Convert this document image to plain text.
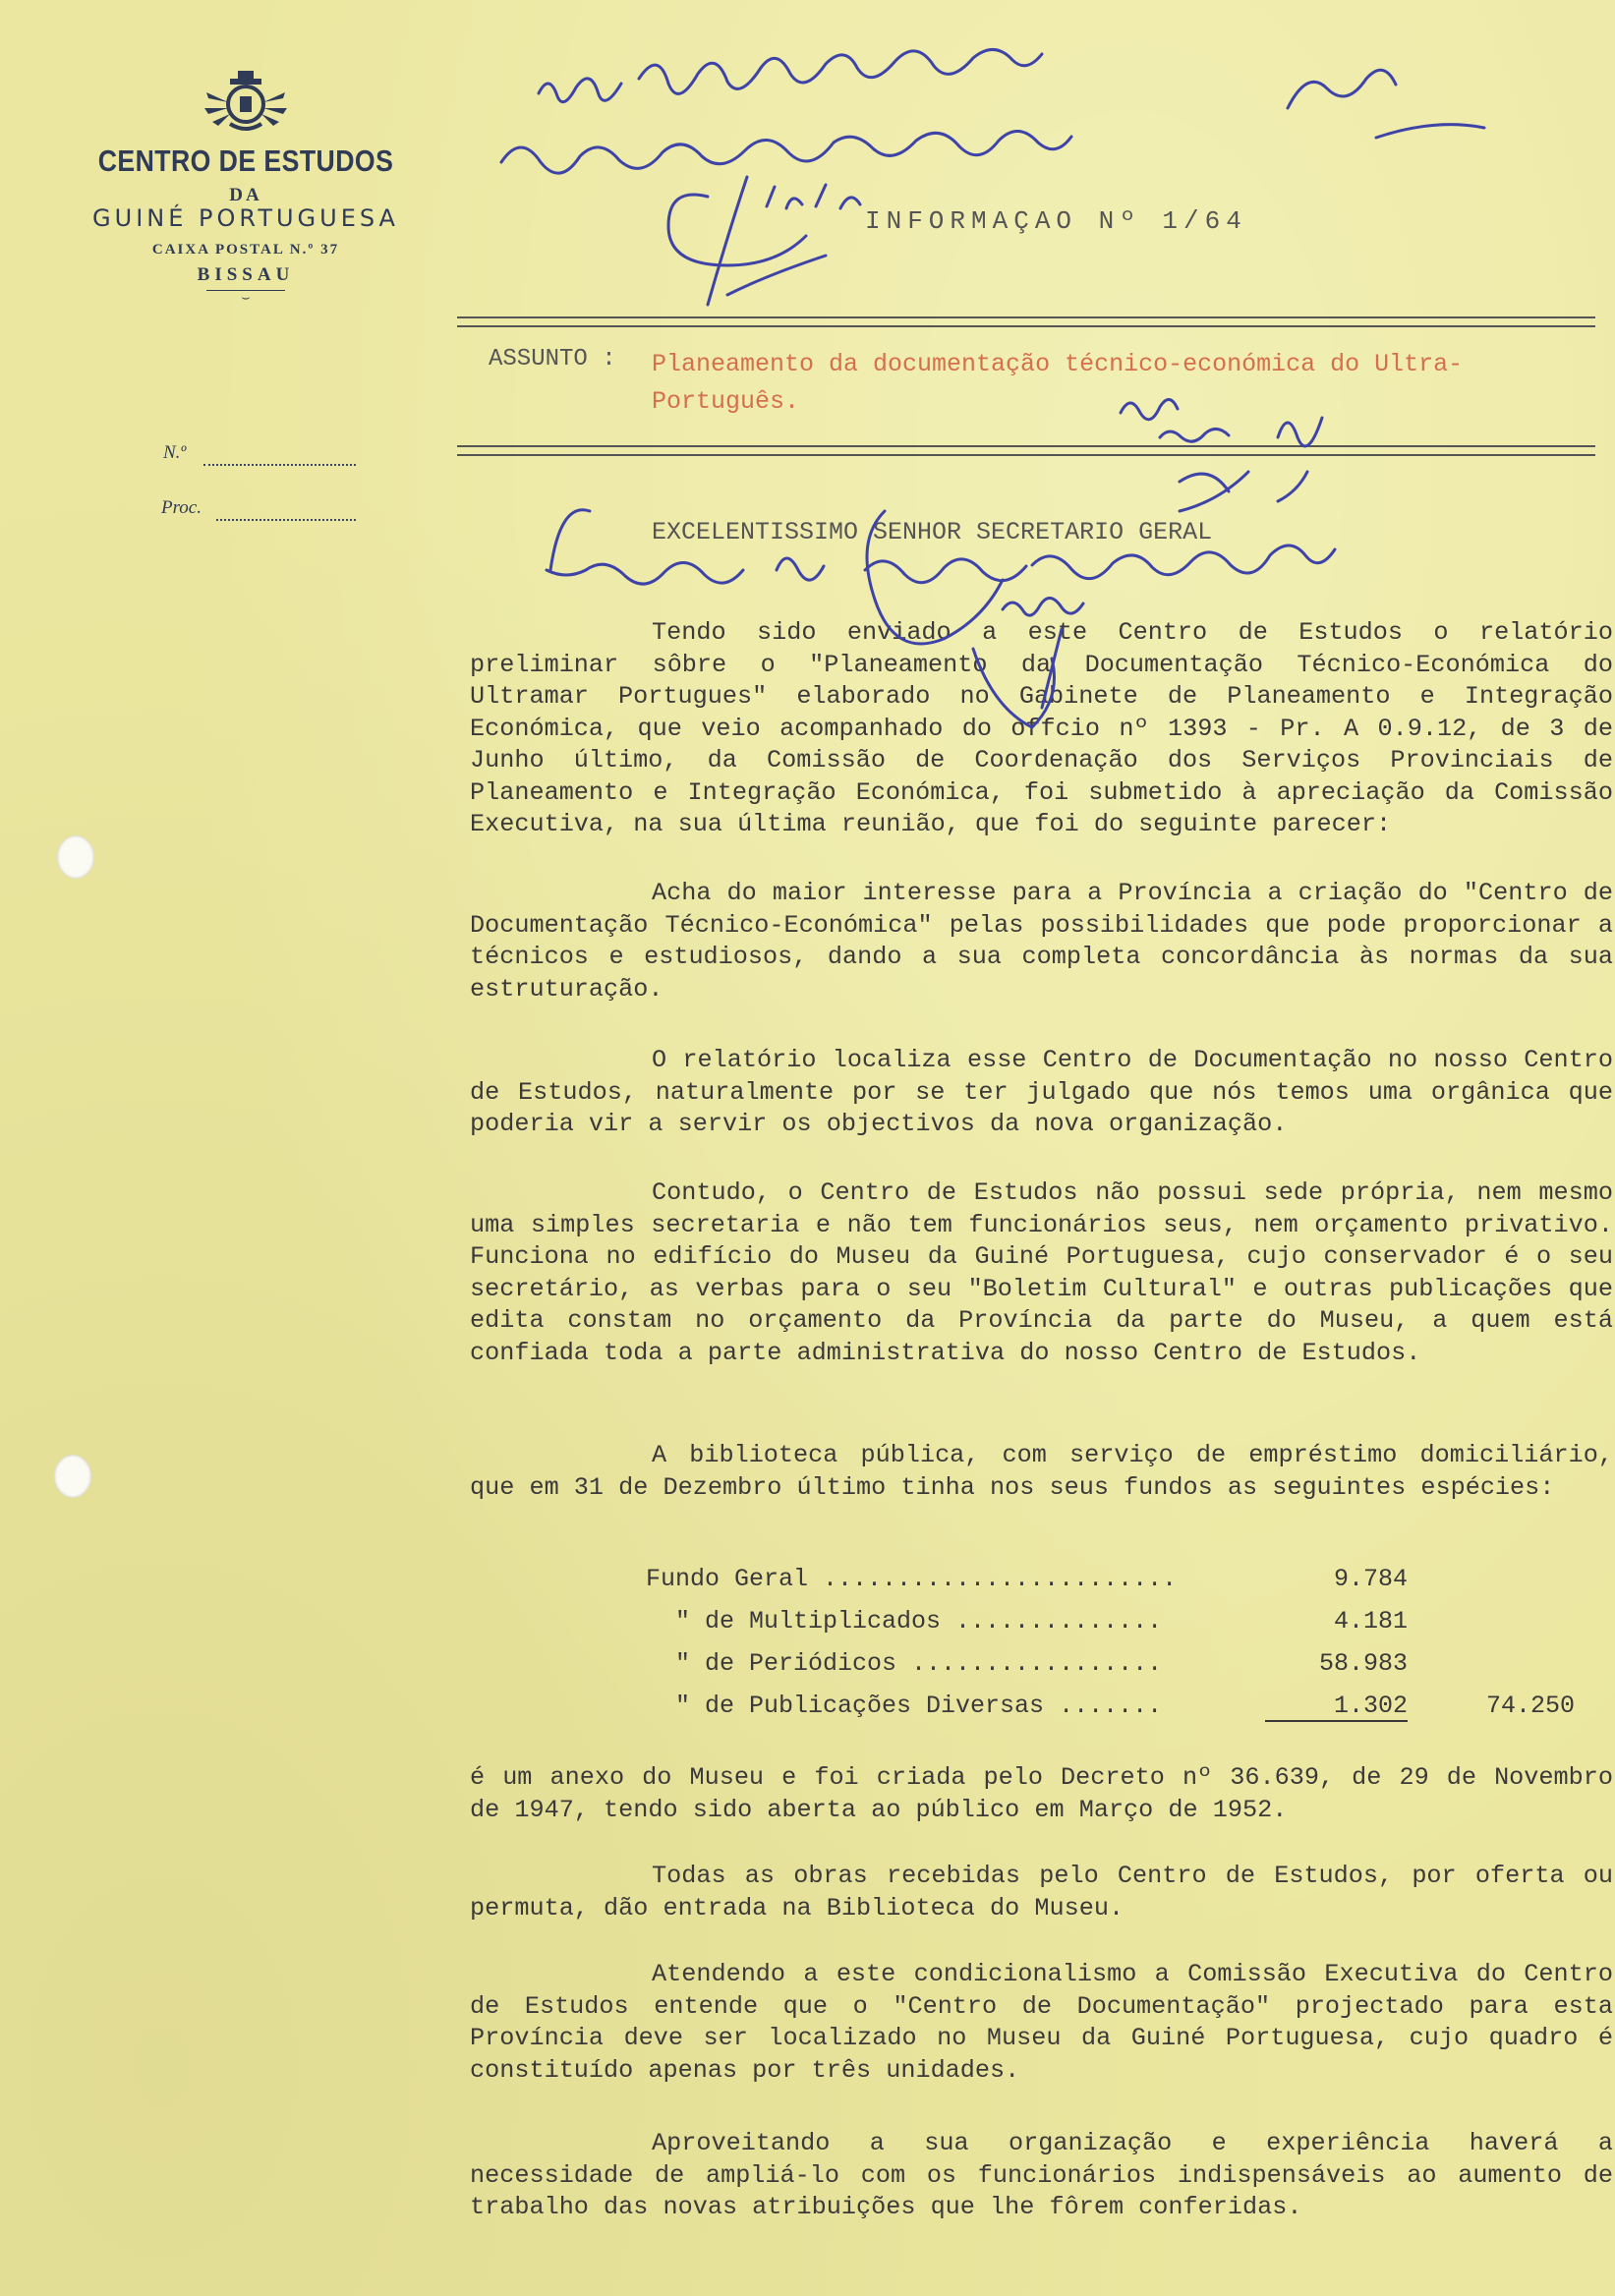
CENTRO DE ESTUDOS
DA
GUINÉ PORTUGUESA
CAIXA POSTAL N.º 37
BISSAU
⌣
N.º
Proc.
INFORMAÇAO Nº 1/64
ASSUNTO : Planeamento da documentação técnico-económica do Ultra- Português.
EXCELENTISSIMO SENHOR SECRETARIO GERAL

Tendo sido enviado a este Centro de Estudos o relatório preliminar sôbre o "Planeamento da Documentação Técnico-Económica do Ultramar Portugues" elaborado no Gabinete de Planeamento e Integração Económica, que veio acompanhado do offcio nº 1393 - Pr. A 0.9.12, de 3 de Junho último, da Comissão de Coordenação dos Serviços Provinciais de Planeamento e Integração Económica, foi submetido à apreciação da Comissão Executiva, na sua última reunião, que foi do seguinte parecer:

Acha do maior interesse para a Província a criação do "Centro de Documentação Técnico-Económica" pelas possibilidades que pode proporcionar a técnicos e estudiosos, dando a sua completa concordância às normas da sua estruturação.

O relatório localiza esse Centro de Documentação no nosso Centro de Estudos, naturalmente por se ter julgado que nós temos uma orgânica que poderia vir a servir os objectivos da nova organização.

Contudo, o Centro de Estudos não possui sede própria, nem mesmo uma simples secretaria e não tem funcionários seus, nem orçamento privativo. Funciona no edifício do Museu da Guiné Portuguesa, cujo conservador é o seu secretário, as verbas para o seu "Boletim Cultural" e outras publicações que edita constam no orçamento da Província da parte do Museu, a quem está confiada toda a parte administrativa do nosso Centro de Estudos.

A biblioteca pública, com serviço de empréstimo domiciliário, que em 31 de Dezembro último tinha nos seus fundos as seguintes espécies:

Fundo Geral ........................	9.784
" de Multiplicados ..............	4.181
" de Periódicos .................	58.983
" de Publicações Diversas .......	1.302	74.250

é um anexo do Museu e foi criada pelo Decreto nº 36.639, de 29 de Novembro de 1947, tendo sido aberta ao público em Março de 1952.

Todas as obras recebidas pelo Centro de Estudos, por oferta ou permuta, dão entrada na Biblioteca do Museu.

Atendendo a este condicionalismo a Comissão Executiva do Centro de Estudos entende que o "Centro de Documentação" projectado para esta Província deve ser localizado no Museu da Guiné Portuguesa, cujo quadro é constituído apenas por três unidades.

Aproveitando a sua organização e experiência haverá a necessidade de ampliá-lo com os funcionários indispensáveis ao aumento de trabalho das novas atribuições que lhe fôrem conferidas.
